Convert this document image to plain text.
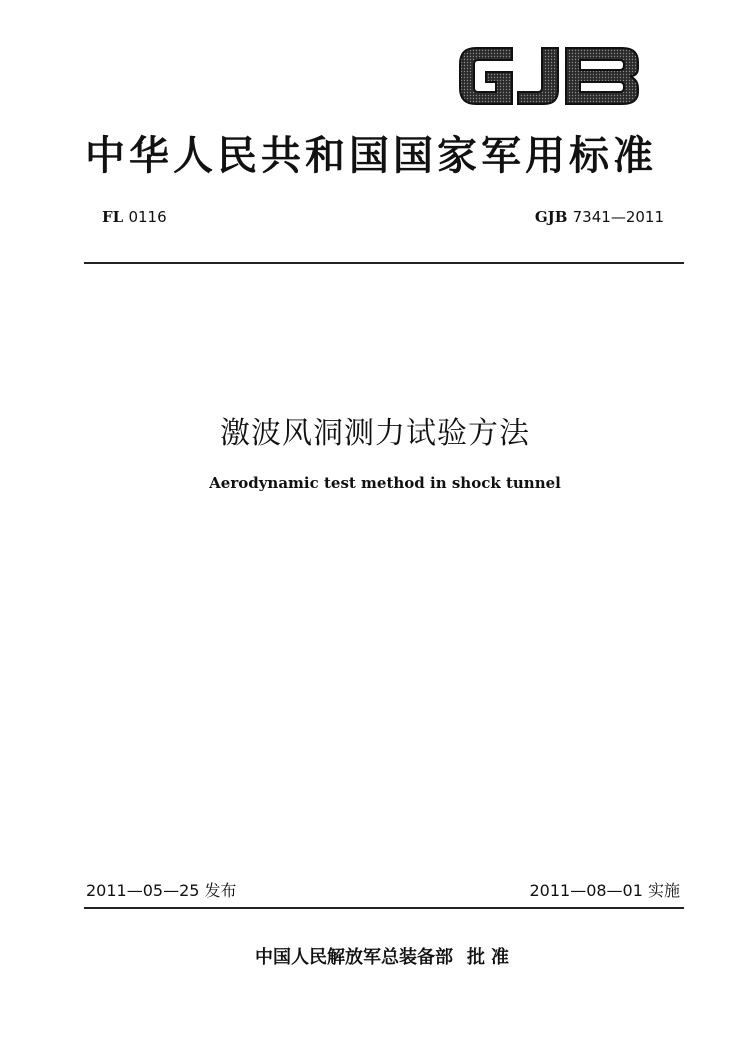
中华人民共和国国家军用标准
FL 0116	GJB 7341—2011
激波风洞测力试验方法
Aerodynamic test method in shock tunnel
2011—05—25 发布	2011—08—01 实施
中国人民解放军总装备部 批准
